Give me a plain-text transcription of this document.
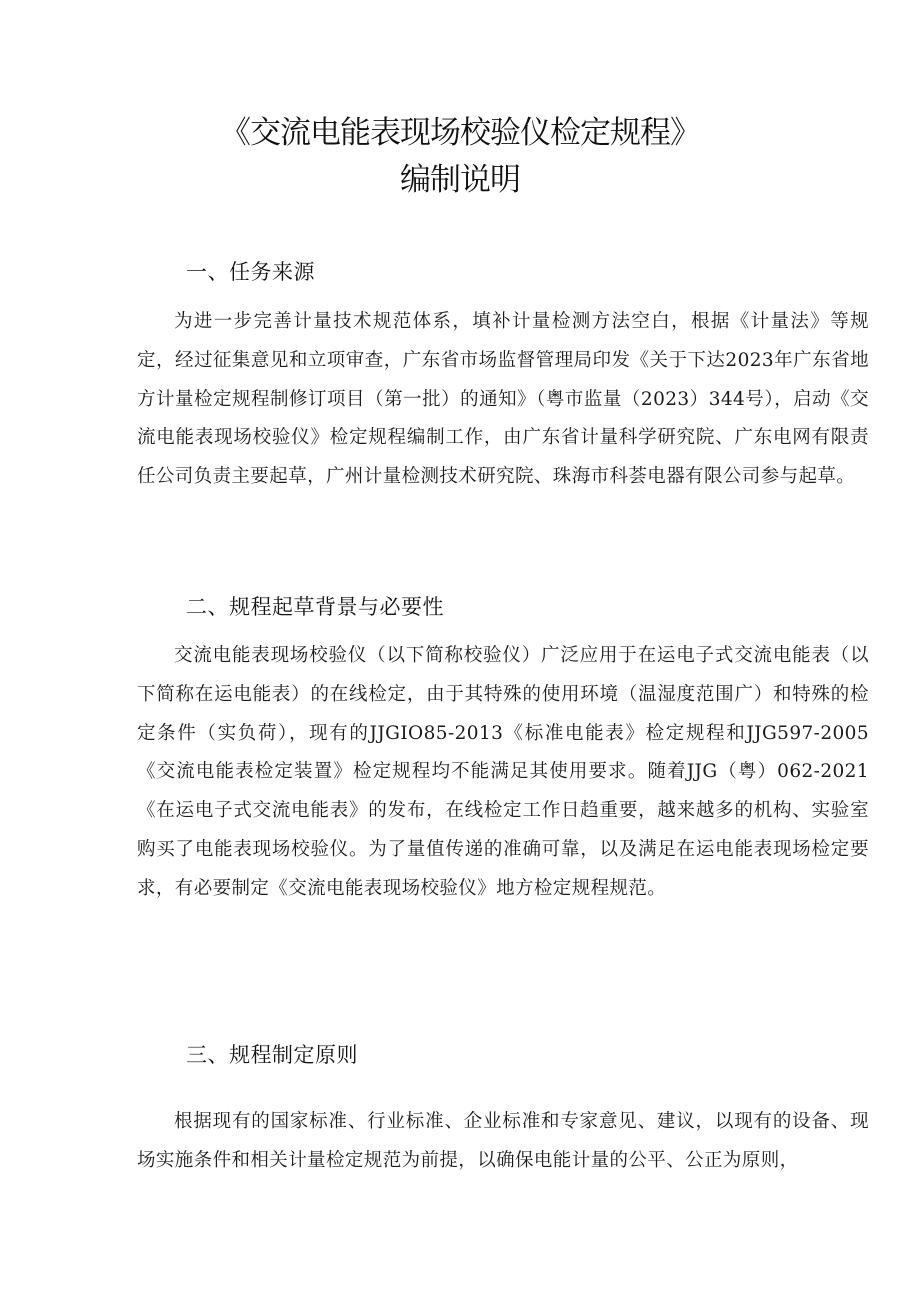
《交流电能表现场校验仪检定规程》
编制说明
一、任务来源
为进一步完善计量技术规范体系，填补计量检测方法空白，根据《计量法》等规定，经过征集意见和立项审查，广东省市场监督管理局印发《关于下达2023年广东省地方计量检定规程制修订项目（第一批）的通知》（粤市监量（2023）344号），启动《交流电能表现场校验仪》检定规程编制工作，由广东省计量科学研究院、广东电网有限责任公司负责主要起草，广州计量检测技术研究院、珠海市科荟电器有限公司参与起草。
二、规程起草背景与必要性
交流电能表现场校验仪（以下简称校验仪）广泛应用于在运电子式交流电能表（以下简称在运电能表）的在线检定，由于其特殊的使用环境（温湿度范围广）和特殊的检定条件（实负荷），现有的JJGIO85-2013《标准电能表》检定规程和JJG597-2005《交流电能表检定装置》检定规程均不能满足其使用要求。随着JJG（粤）062-2021《在运电子式交流电能表》的发布，在线检定工作日趋重要，越来越多的机构、实验室购买了电能表现场校验仪。为了量值传递的准确可靠，以及满足在运电能表现场检定要求，有必要制定《交流电能表现场校验仪》地方检定规程规范。
三、规程制定原则
根据现有的国家标准、行业标准、企业标准和专家意见、建议，以现有的设备、现场实施条件和相关计量检定规范为前提，以确保电能计量的公平、公正为原则，
